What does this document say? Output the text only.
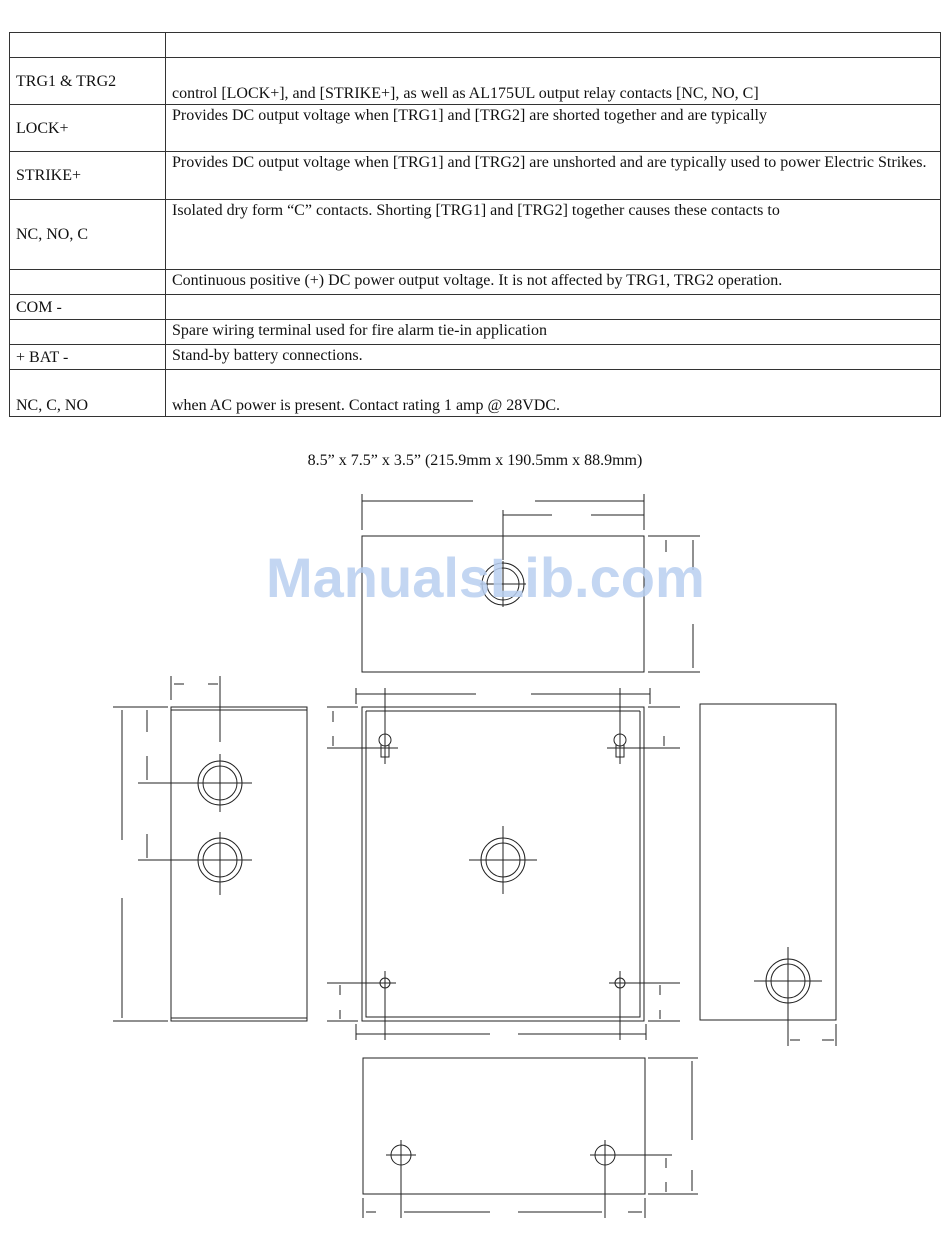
TRG1 & TRG2	control [LOCK+], and [STRIKE+], as well as AL175UL output relay contacts [NC, NO, C]
LOCK+	Provides DC output voltage when [TRG1] and [TRG2] are shorted together and are typically
STRIKE+	Provides DC output voltage when [TRG1] and [TRG2] are unshorted and are typically used to power Electric Strikes.
NC, NO, C	Isolated dry form “C” contacts. Shorting [TRG1] and [TRG2] together causes these contacts to
	Continuous positive (+) DC power output voltage. It is not affected by TRG1, TRG2 operation.
COM -	
	Spare wiring terminal used for fire alarm tie-in application
+ BAT -	Stand-by battery connections.
NC, C, NO	when AC power is present. Contact rating 1 amp @ 28VDC.
8.5” x 7.5” x 3.5” (215.9mm x 190.5mm x 88.9mm)
ManualsLib.com
